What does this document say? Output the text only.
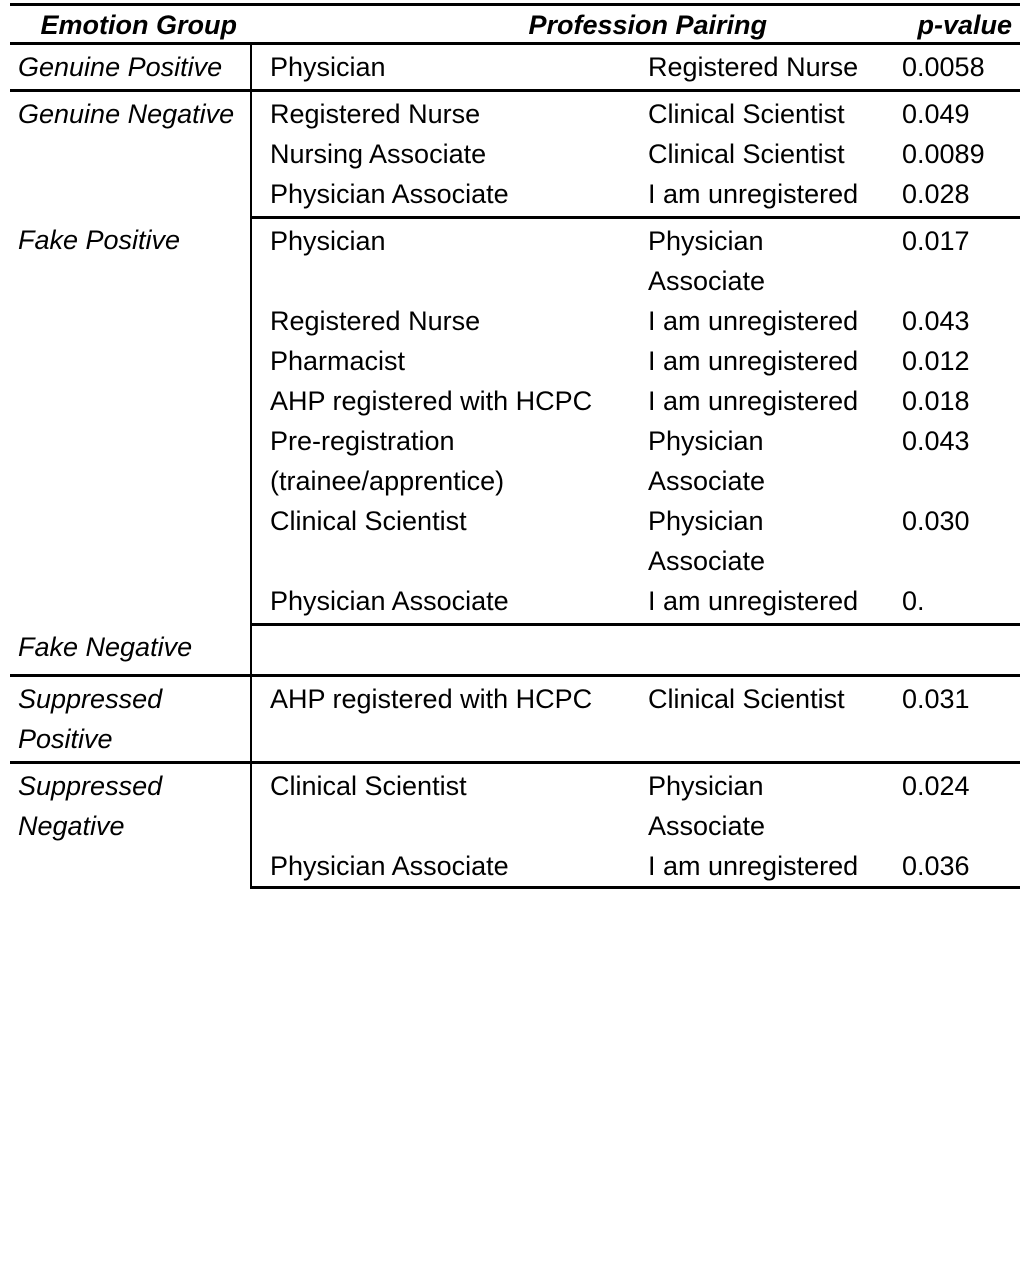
Emotion Group	Profession Pairing		p-value
Genuine Positive	Physician	Registered Nurse	0.0058
Genuine Negative	Registered Nurse	Clinical Scientist	0.049
	Nursing Associate	Clinical Scientist	0.0089
	Physician Associate	I am unregistered	0.028
Fake Positive	Physician	Physician Associate	0.017
	Registered Nurse	I am unregistered	0.043
	Pharmacist	I am unregistered	0.012
	AHP registered with HCPC	I am unregistered	0.018
	Pre-registration (trainee/apprentice)	Physician Associate	0.043
	Clinical Scientist	Physician Associate	0.030
	Physician Associate	I am unregistered	0.
Fake Negative			
Suppressed Positive	AHP registered with HCPC	Clinical Scientist	0.031
Suppressed Negative	Clinical Scientist	Physician Associate	0.024
	Physician Associate	I am unregistered	0.036
